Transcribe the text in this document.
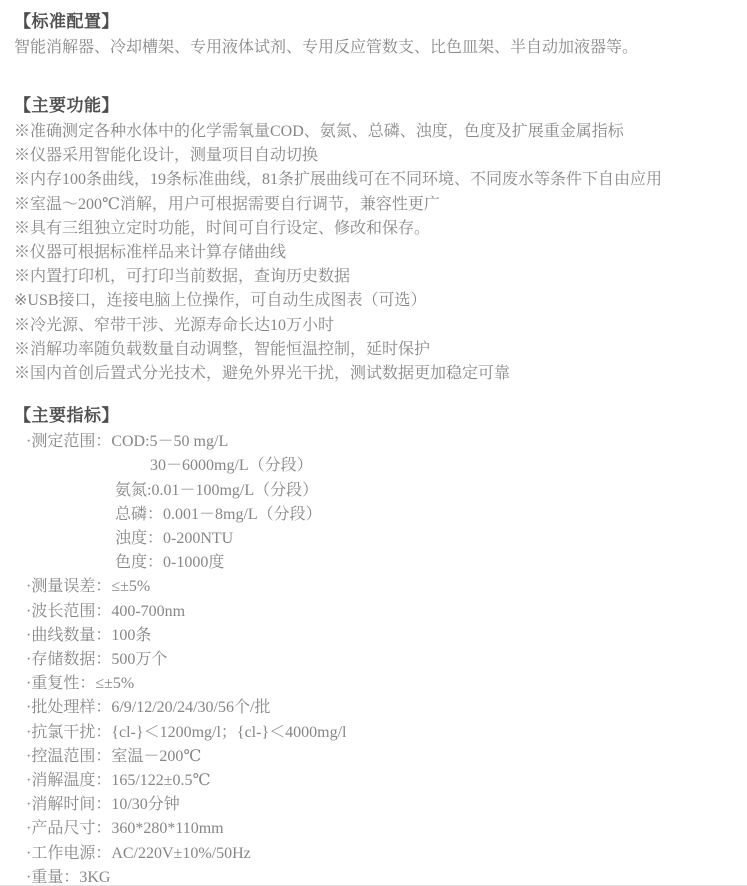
【标准配置】

智能消解器、冷却槽架、专用液体试剂、专用反应管数支、比色皿架、半自动加液器等。

【主要功能】
※准确测定各种水体中的化学需氧量COD、氨氮、总磷、浊度，色度及扩展重金属指标
※仪器采用智能化设计，测量项目自动切换
※内存100条曲线，19条标准曲线，81条扩展曲线可在不同环境、不同废水等条件下自由应用
※室温～200℃消解，用户可根据需要自行调节，兼容性更广
※具有三组独立定时功能，时间可自行设定、修改和保存。
※仪器可根据标准样品来计算存储曲线
※内置打印机，可打印当前数据，查询历史数据
※USB接口，连接电脑上位操作，可自动生成图表（可选）
※冷光源、窄带干涉、光源寿命长达10万小时
※消解功率随负载数量自动调整，智能恒温控制，延时保护
※国内首创后置式分光技术，避免外界光干扰，测试数据更加稳定可靠
【主要指标】
·测定范围：COD:5－50 mg/L
30－6000mg/L（分段）
氨氮:0.01－100mg/L（分段）
总磷：0.001－8mg/L（分段）
浊度：0-200NTU
色度：0-1000度
·测量误差：≤±5%
·波长范围：400-700nm
·曲线数量：100条
·存储数据：500万个
·重复性：≤±5%
·批处理样：6/9/12/20/24/30/56个/批
·抗氯干扰：{cl-}＜1200mg/l；{cl-}＜4000mg/l
·控温范围：室温－200℃
·消解温度：165/122±0.5℃
·消解时间：10/30分钟
·产品尺寸：360*280*110mm
·工作电源：AC/220V±10%/50Hz
·重量：3KG
